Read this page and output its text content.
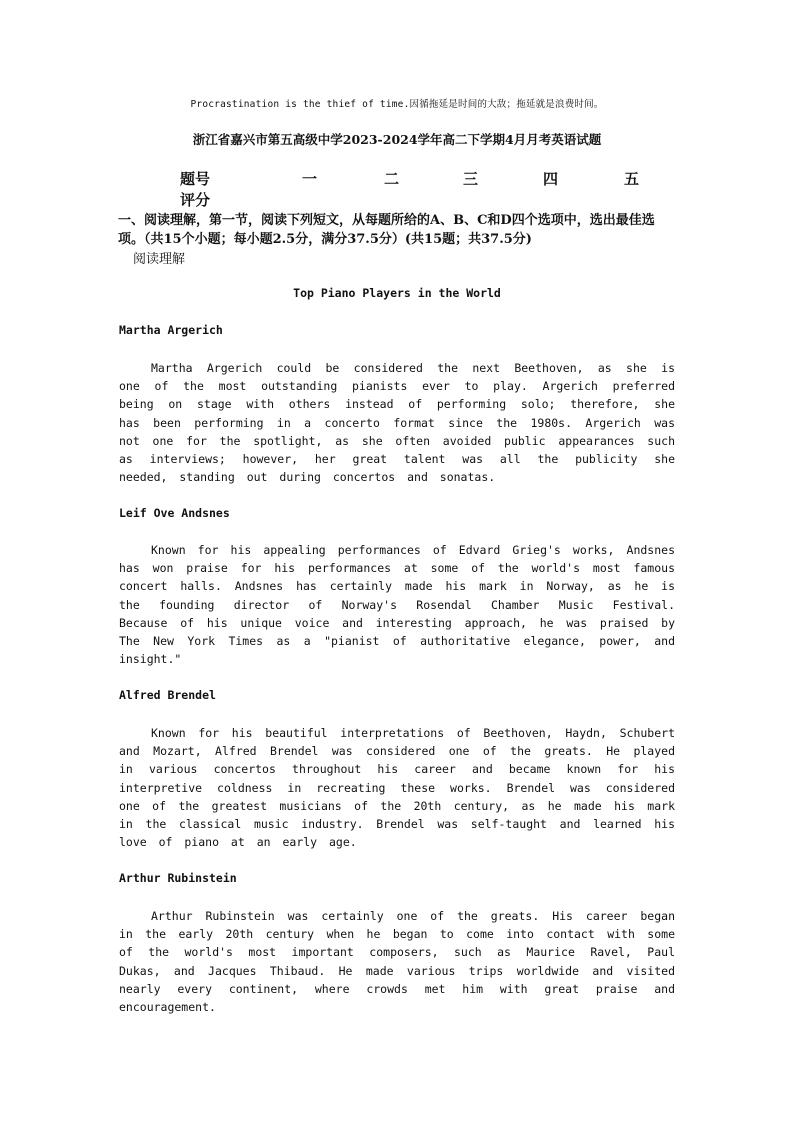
Procrastination is the thief of time.因循拖延是时间的大敌；拖延就是浪费时间。
浙江省嘉兴市第五高级中学2023-2024学年高二下学期4月月考英语试题
题号	一	二	三	四	五
评分
一、阅读理解，第一节，阅读下列短文，从每题所给的A、B、C和D四个选项中，选出最佳选项。（共15个小题；每小题2.5分，满分37.5分）(共15题；共37.5分)
阅读理解
Top Piano Players in the World
Martha Argerich
Martha Argerich could be considered the next Beethoven, as she is one of the most outstanding pianists ever to play. Argerich preferred being on stage with others instead of performing solo; therefore, she has been performing in a concerto format since the 1980s. Argerich was not one for the spotlight, as she often avoided public appearances such as interviews; however, her great talent was all the publicity she needed, standing out during concertos and sonatas.
Leif Ove Andsnes
Known for his appealing performances of Edvard Grieg's works, Andsnes has won praise for his performances at some of the world's most famous concert halls. Andsnes has certainly made his mark in Norway, as he is the founding director of Norway's Rosendal Chamber Music Festival. Because of his unique voice and interesting approach, he was praised by The New York Times as a "pianist of authoritative elegance, power, and insight."
Alfred Brendel
Known for his beautiful interpretations of Beethoven, Haydn, Schubert and Mozart, Alfred Brendel was considered one of the greats. He played in various concertos throughout his career and became known for his interpretive coldness in recreating these works. Brendel was considered one of the greatest musicians of the 20th century, as he made his mark in the classical music industry. Brendel was self-taught and learned his love of piano at an early age.
Arthur Rubinstein
Arthur Rubinstein was certainly one of the greats. His career began in the early 20th century when he began to come into contact with some of the world's most important composers, such as Maurice Ravel, Paul Dukas, and Jacques Thibaud. He made various trips worldwide and visited nearly every continent, where crowds met him with great praise and encouragement.
